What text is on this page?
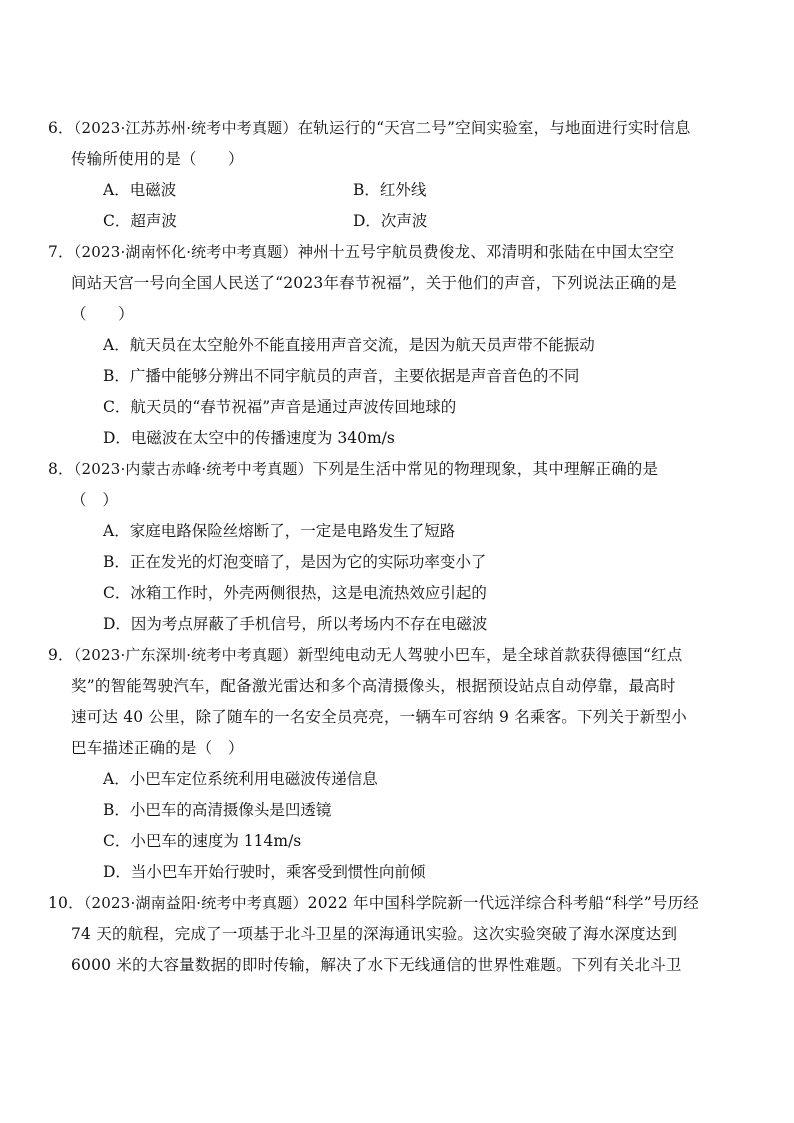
6．（2023·江苏苏州·统考中考真题）在轨运行的“天宫二号”空间实验室，与地面进行实时信息
传输所使用的是（　　）
A．电磁波	B．红外线
C．超声波	D．次声波
7．（2023·湖南怀化·统考中考真题）神州十五号宇航员费俊龙、邓清明和张陆在中国太空空
间站天宫一号向全国人民送了“2023年春节祝福”，关于他们的声音，下列说法正确的是
（　　）
A．航天员在太空舱外不能直接用声音交流，是因为航天员声带不能振动
B．广播中能够分辨出不同宇航员的声音，主要依据是声音音色的不同
C．航天员的“春节祝福”声音是通过声波传回地球的
D．电磁波在太空中的传播速度为 340m/s
8．（2023·内蒙古赤峰·统考中考真题）下列是生活中常见的物理现象，其中理解正确的是
（　）
A．家庭电路保险丝熔断了，一定是电路发生了短路
B．正在发光的灯泡变暗了，是因为它的实际功率变小了
C．冰箱工作时，外壳两侧很热，这是电流热效应引起的
D．因为考点屏蔽了手机信号，所以考场内不存在电磁波
9．（2023·广东深圳·统考中考真题）新型纯电动无人驾驶小巴车，是全球首款获得德国“红点
奖”的智能驾驶汽车，配备激光雷达和多个高清摄像头，根据预设站点自动停靠，最高时
速可达 40 公里，除了随车的一名安全员亮亮，一辆车可容纳 9 名乘客。下列关于新型小
巴车描述正确的是（　）
A．小巴车定位系统利用电磁波传递信息
B．小巴车的高清摄像头是凹透镜
C．小巴车的速度为 114m/s
D．当小巴车开始行驶时，乘客受到惯性向前倾
10．（2023·湖南益阳·统考中考真题）2022 年中国科学院新一代远洋综合科考船“科学”号历经
74 天的航程，完成了一项基于北斗卫星的深海通讯实验。这次实验突破了海水深度达到
6000 米的大容量数据的即时传输，解决了水下无线通信的世界性难题。下列有关北斗卫
